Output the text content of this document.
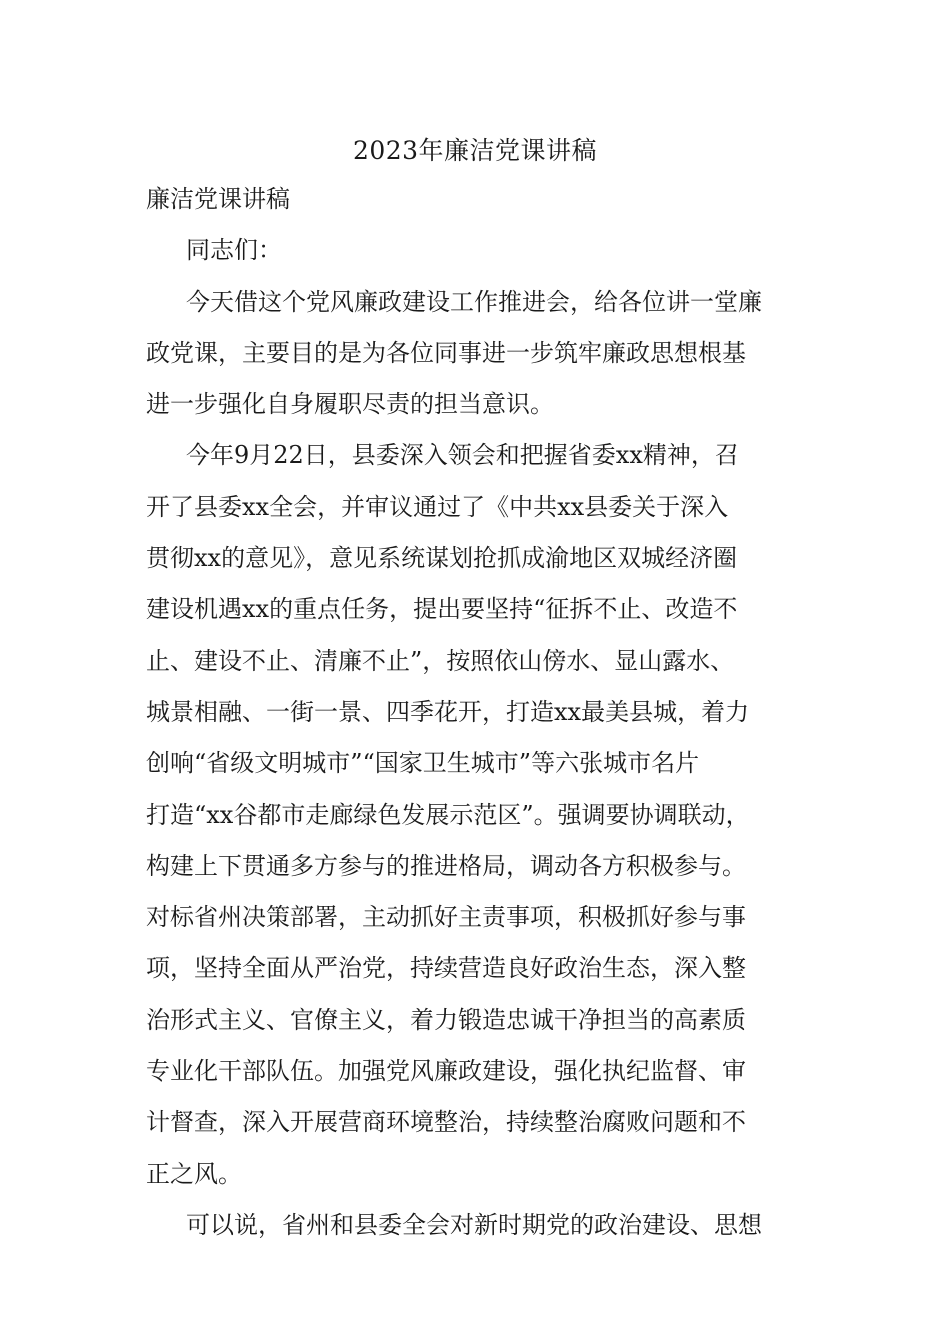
2023年廉洁党课讲稿
廉洁党课讲稿
同志们：
今天借这个党风廉政建设工作推进会，给各位讲一堂廉
政党课，主要目的是为各位同事进一步筑牢廉政思想根基
进一步强化自身履职尽责的担当意识。
今年9月22日，县委深入领会和把握省委xx精神，召
开了县委xx全会，并审议通过了《中共xx县委关于深入
贯彻xx的意见》，意见系统谋划抢抓成渝地区双城经济圈
建设机遇xx的重点任务，提出要坚持“征拆不止、改造不
止、建设不止、清廉不止”，按照依山傍水、显山露水、
城景相融、一街一景、四季花开，打造xx最美县城，着力
创响“省级文明城市”“国家卫生城市”等六张城市名片
打造“xx谷都市走廊绿色发展示范区”。强调要协调联动，
构建上下贯通多方参与的推进格局，调动各方积极参与。
对标省州决策部署，主动抓好主责事项，积极抓好参与事
项，坚持全面从严治党，持续营造良好政治生态，深入整
治形式主义、官僚主义，着力锻造忠诚干净担当的高素质
专业化干部队伍。加强党风廉政建设，强化执纪监督、审
计督查，深入开展营商环境整治，持续整治腐败问题和不
正之风。
可以说，省州和县委全会对新时期党的政治建设、思想
